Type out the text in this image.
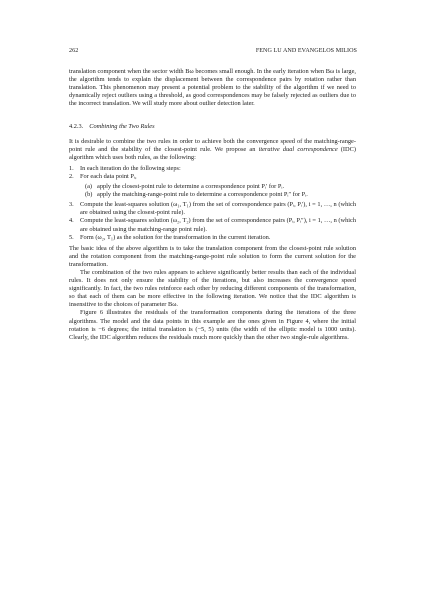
262	FENG LU AND EVANGELOS MILIOS

translation component when the sector width Bω becomes small enough. In the early iteration when Bω is large, the algorithm tends to explain the displacement between the correspondence pairs by rotation rather than translation. This phenomenon may present a potential problem to the stability of the algorithm if we need to dynamically reject outliers using a threshold, as good correspondences may be falsely rejected as outliers due to the incorrect translation. We will study more about outlier detection later.

4.2.3. Combining the Two Rules

It is desirable to combine the two rules in order to achieve both the convergence speed of the matching-range-point rule and the stability of the closest-point rule. We propose an iterative dual correspondence (IDC) algorithm which uses both rules, as the following:

1. In each iteration do the following steps:
2. For each data point Pᵢ,
(a) apply the closest-point rule to determine a correspondence point Pᵢ′ for Pᵢ.
(b) apply the matching-range-point rule to determine a correspondence point Pᵢ″ for Pᵢ.
3. Compute the least-squares solution (ω₁, T₁) from the set of correspondence pairs (Pᵢ, Pᵢ′), i = 1, …, n (which are obtained using the closest-point rule).
4. Compute the least-squares solution (ω₂, T₂) from the set of correspondence pairs (Pᵢ, Pᵢ″), i = 1, …, n (which are obtained using the matching-range point rule).
5. Form (ω₂, T₁) as the solution for the transformation in the current iteration.

The basic idea of the above algorithm is to take the translation component from the closest-point rule solution and the rotation component from the matching-range-point rule solution to form the current solution for the transformation.

The combination of the two rules appears to achieve significantly better results than each of the individual rules. It does not only ensure the stability of the iterations, but also increases the convergence speed significantly. In fact, the two rules reinforce each other by reducing different components of the transformation, so that each of them can be more effective in the following iteration. We notice that the IDC algorithm is insensitive to the choices of parameter Bω.

Figure 6 illustrates the residuals of the transformation components during the iterations of the three algorithms. The model and the data points in this example are the ones given in Figure 4, where the initial rotation is −6 degrees; the initial translation is (−5, 5) units (the width of the elliptic model is 1000 units). Clearly, the IDC algorithm reduces the residuals much more quickly than the other two single-rule algorithms.
